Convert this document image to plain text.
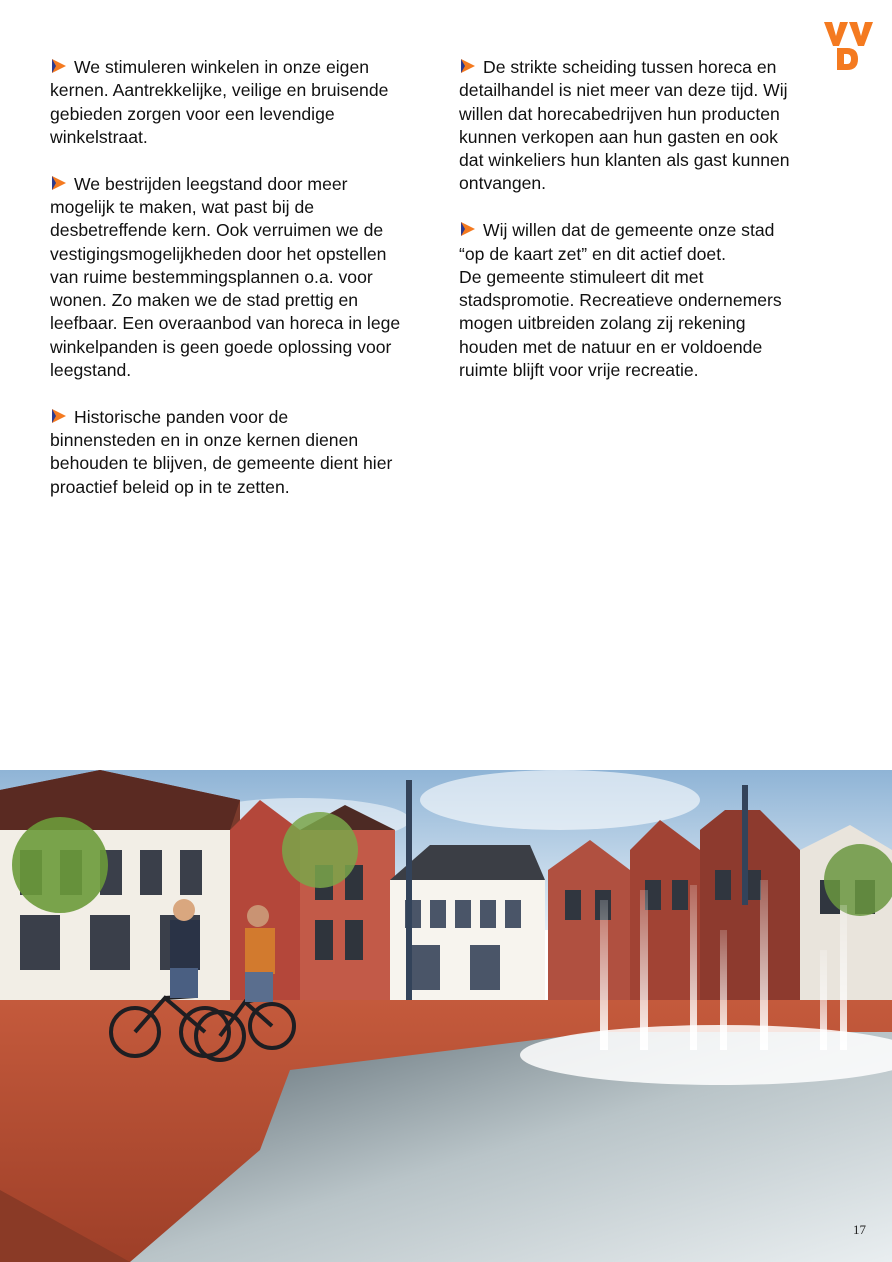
We stimuleren winkelen in onze eigen
kernen. Aantrekkelijke, veilige en bruisende
gebieden zorgen voor een levendige
winkelstraat.

We bestrijden leegstand door meer
mogelijk te maken, wat past bij de
desbetreffende kern. Ook verruimen we de
vestigingsmogelijkheden door het opstellen
van ruime bestemmingsplannen o.a. voor
wonen. Zo maken we de stad prettig en
leefbaar. Een overaanbod van horeca in lege
winkelpanden is geen goede oplossing voor
leegstand.

Historische panden voor de
binnensteden en in onze kernen dienen
behouden te blijven, de gemeente dient hier
proactief beleid op in te zetten.

De strikte scheiding tussen horeca en
detailhandel is niet meer van deze tijd. Wij
willen dat horecabedrijven hun producten
kunnen verkopen aan hun gasten en ook
dat winkeliers hun klanten als gast kunnen
ontvangen.

Wij willen dat de gemeente onze stad
“op de kaart zet” en dit actief doet.
De gemeente stimuleert dit met
stadspromotie. Recreatieve ondernemers
mogen uitbreiden zolang zij rekening
houden met de natuur en er voldoende
ruimte blijft voor vrije recreatie.

17
